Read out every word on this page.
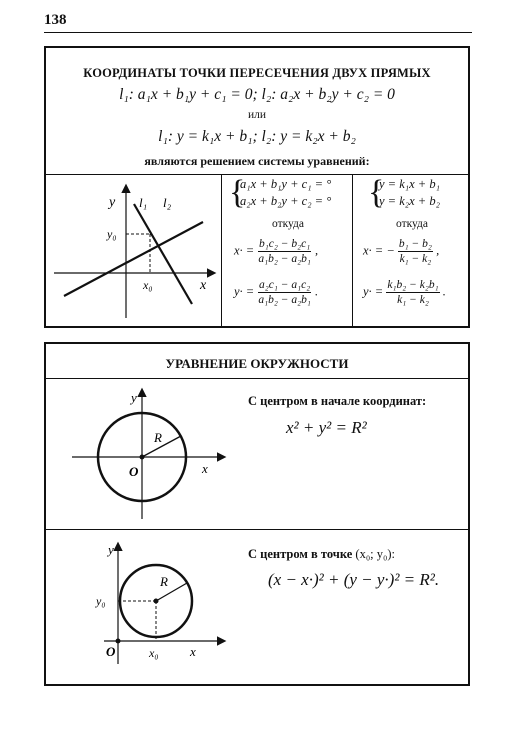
138
КООРДИНАТЫ ТОЧКИ ПЕРЕСЕЧЕНИЯ ДВУХ ПРЯМЫХ
l₁: a₁x + b₁y + c₁ = 0; l₂: a₂x + b₂y + c₂ = 0
или
l₁: y = k₁x + b₁; l₂: y = k₂x + b₂
являются решением системы уравнений:
y
x
l₁ l₂
y₀
x₀
{
a₁x + b₁y + c₁ = °
a₂x + b₂y + c₂ = °
откуда
$x\cdot = \frac{\text{b₁c₂ − b₂c₁}}{\text{a₁b₂ − a₂b₁}}$ ,
$y\cdot = \frac{\text{a₂c₁ − a₁c₂}}{\text{a₁b₂ − a₂b₁}}$ .
{
y = k₁x + b₁
y = k₂x + b₂
откуда
x· = − $\frac{\text{b₁ − b₂}}{\text{k₁ − k₂}}$ ,
$y\cdot = \frac{\text{k₁b₂ − k₂b₁}}{\text{k₁ − k₂}}$ .
УРАВНЕНИЕ ОКРУЖНОСТИ
y
x
O
R
С центром в начале координат:
x² + y² = R²
y
x
O
R
y₀
x₀
С центром в точке (x₀; y₀):
(x − x·)² + (y − y·)² = R².
